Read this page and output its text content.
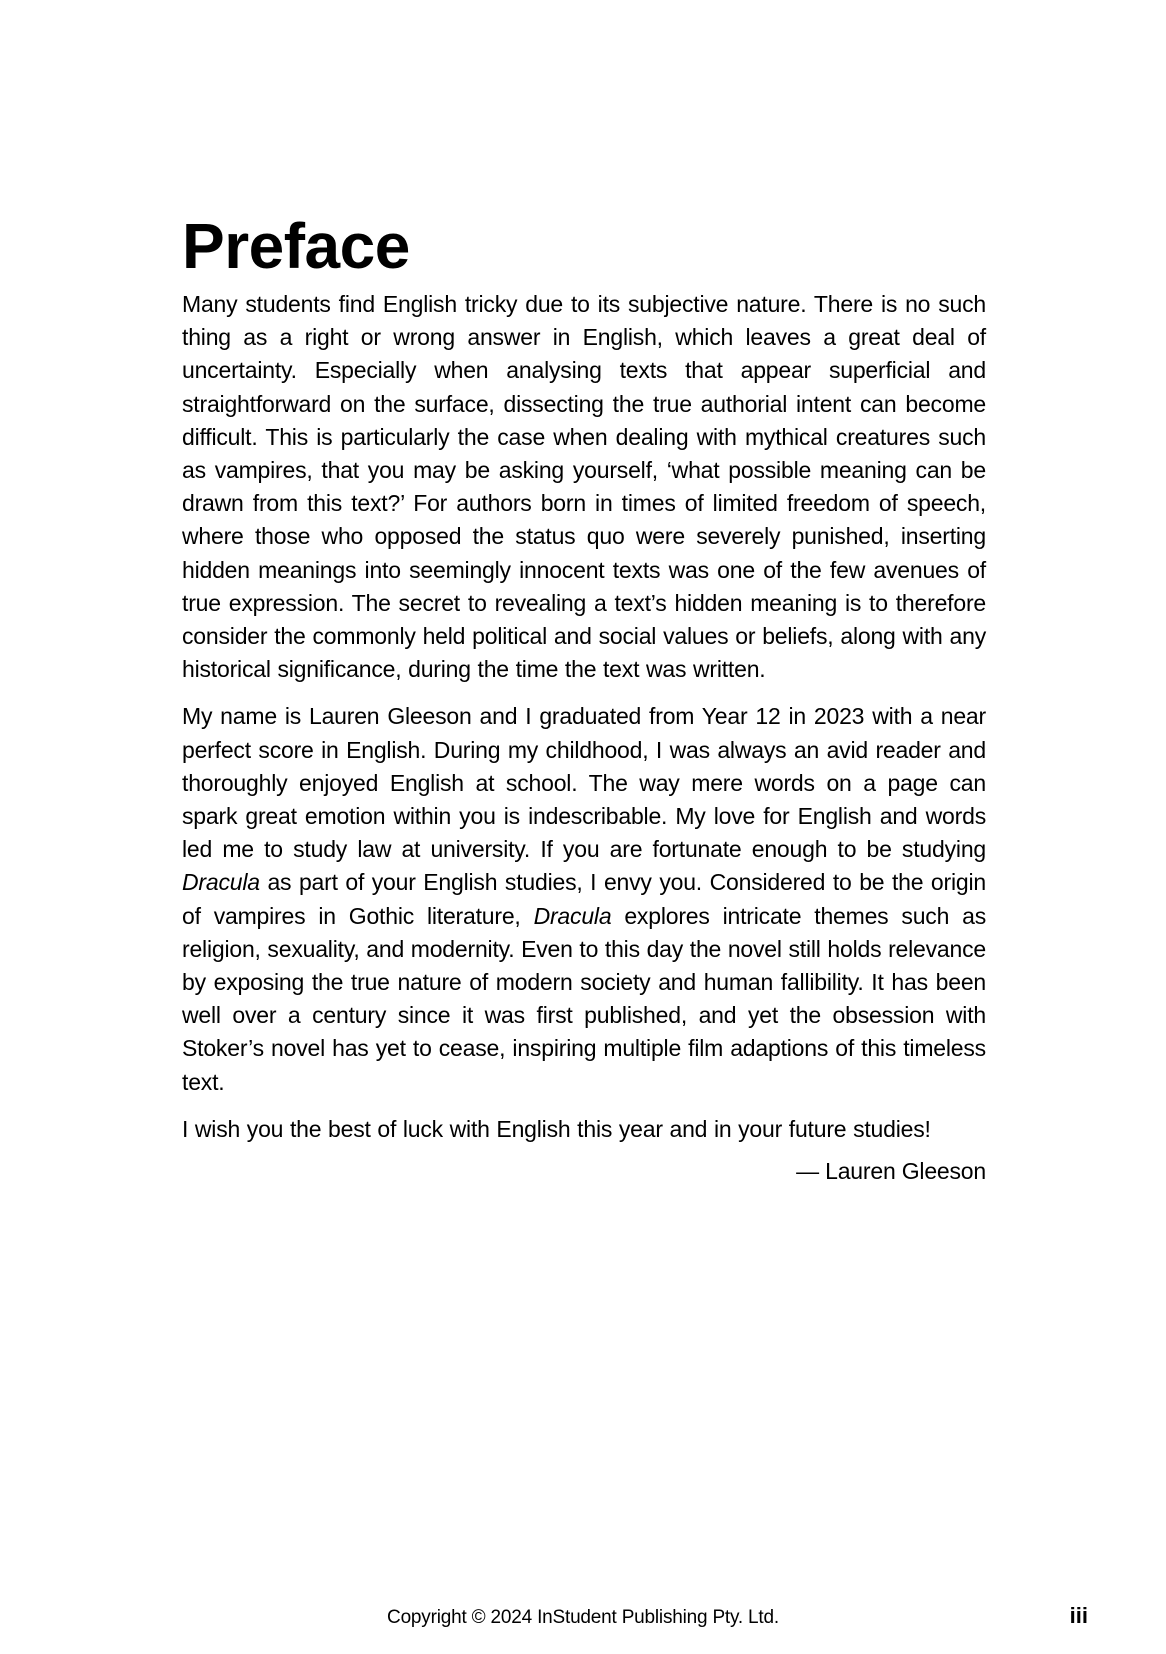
Preface

Many students find English tricky due to its subjective nature. There is no such thing as a right or wrong answer in English, which leaves a great deal of uncertainty. Especially when analysing texts that appear superficial and straightforward on the surface, dissecting the true authorial intent can become difficult. This is particularly the case when dealing with mythical creatures such as vampires, that you may be asking yourself, ‘what possible meaning can be drawn from this text?’ For authors born in times of limited freedom of speech, where those who opposed the status quo were severely punished, inserting hidden meanings into seemingly innocent texts was one of the few avenues of true expression. The secret to revealing a text’s hidden meaning is to therefore consider the commonly held political and social values or beliefs, along with any historical significance, during the time the text was written.

My name is Lauren Gleeson and I graduated from Year 12 in 2023 with a near perfect score in English. During my childhood, I was always an avid reader and thoroughly enjoyed English at school. The way mere words on a page can spark great emotion within you is indescribable. My love for English and words led me to study law at university. If you are fortunate enough to be studying Dracula as part of your English studies, I envy you. Considered to be the origin of vampires in Gothic literature, Dracula explores intricate themes such as religion, sexuality, and modernity. Even to this day the novel still holds relevance by exposing the true nature of modern society and human fallibility. It has been well over a century since it was first published, and yet the obsession with Stoker’s novel has yet to cease, inspiring multiple film adaptions of this timeless text.

I wish you the best of luck with English this year and in your future studies!

— Lauren Gleeson
Copyright © 2024 InStudent Publishing Pty. Ltd.	iii
